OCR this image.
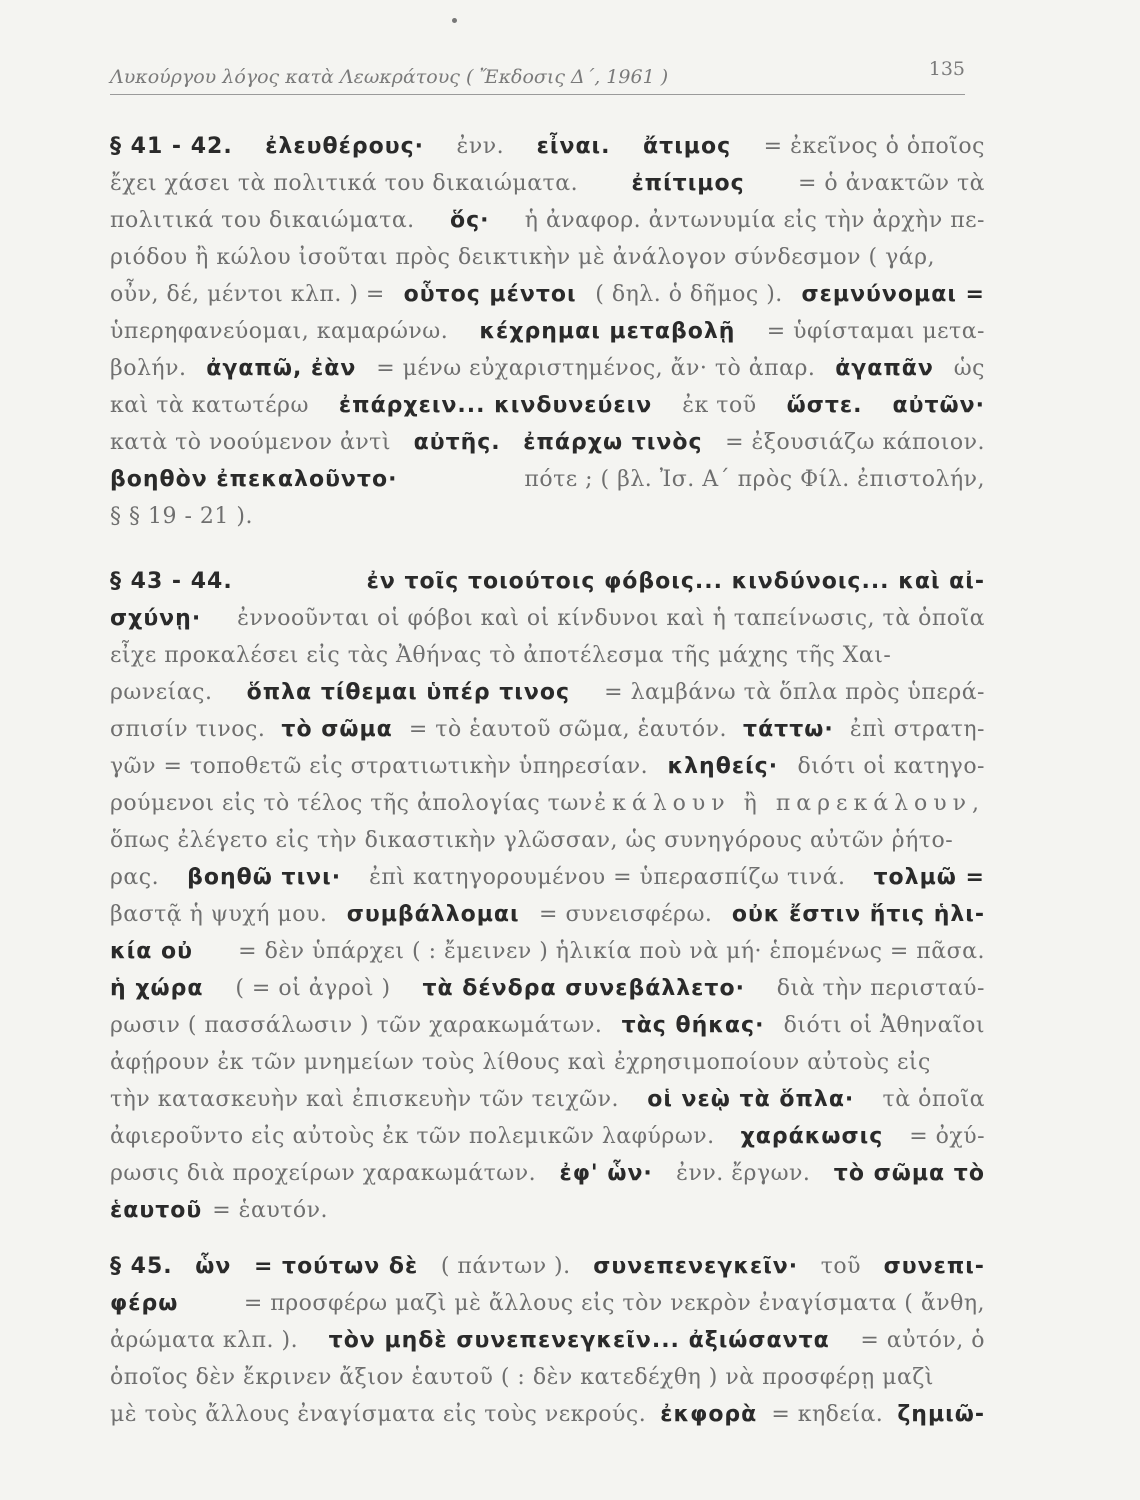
Λυκούργου λόγος κατὰ Λεωκράτους ( Ἔκδοσις Δ΄, 1961 )	135
§ 41 - 42. ἐλευθέρους· ἐνν. εἶναι. ἄτιμος = ἐκεῖνος ὁ ὁποῖος
ἔχει χάσει τὰ πολιτικά του δικαιώματα. ἐπίτιμος = ὁ ἀνακτῶν τὰ
πολιτικά του δικαιώματα. ὅς· ἡ ἀναφορ. ἀντωνυμία εἰς τὴν ἀρχὴν πε-
ριόδου ἢ κώλου ἰσοῦται πρὸς δεικτικὴν μὲ ἀνάλογον σύνδεσμον ( γάρ,
οὖν, δέ, μέντοι κλπ. ) = οὗτος μέντοι ( δηλ. ὁ δῆμος ). σεμνύνομαι =
ὑπερηφανεύομαι, καμαρώνω. κέχρημαι μεταβολῇ = ὑφίσταμαι μετα-
βολήν. ἀγαπῶ, ἐὰν = μένω εὐχαριστημένος, ἄν· τὸ ἀπαρ. ἀγαπᾶν ὡς
καὶ τὰ κατωτέρω ἐπάρχειν... κινδυνεύειν ἐκ τοῦ ὥστε. αὐτῶν·
κατὰ τὸ νοούμενον ἀντὶ αὐτῆς. ἐπάρχω τινὸς = ἐξουσιάζω κάποιον.
βοηθὸν ἐπεκαλοῦντο·	πότε ; ( βλ. Ἰσ. Α΄ πρὸς Φίλ. ἐπιστολήν,
§ § 19 - 21 ).
§ 43 - 44.	ἐν τοῖς τοιούτοις φόβοις... κινδύνοις... καὶ αἰ-
σχύνῃ· ἐννοοῦνται οἱ φόβοι καὶ οἱ κίνδυνοι καὶ ἡ ταπείνωσις, τὰ ὁποῖα
εἶχε προκαλέσει εἰς τὰς Ἀθήνας τὸ ἀποτέλεσμα τῆς μάχης τῆς Χαι-
ρωνείας. ὅπλα τίθεμαι ὑπέρ τινος = λαμβάνω τὰ ὅπλα πρὸς ὑπερά-
σπισίν τινος. τὸ σῶμα = τὸ ἑαυτοῦ σῶμα, ἑαυτόν. τάττω· ἐπὶ στρατη-
γῶν = τοποθετῶ εἰς στρατιωτικὴν ὑπηρεσίαν. κληθείς· διότι οἱ κατηγο-
ρούμενοι εἰς τὸ τέλος τῆς ἀπολογίας των ἐκάλουν ἢ παρεκάλουν,
ὅπως ἐλέγετο εἰς τὴν δικαστικὴν γλῶσσαν, ὡς συνηγόρους αὐτῶν ῥήτο-
ρας. βοηθῶ τινι· ἐπὶ κατηγορουμένου = ὑπερασπίζω τινά. τολμῶ =
βαστᾷ ἡ ψυχή μου. συμβάλλομαι = συνεισφέρω. οὐκ ἔστιν ἥτις ἡλι-
κία οὐ = δὲν ὑπάρχει ( : ἔμεινεν ) ἡλικία ποὺ νὰ μή· ἑπομένως = πᾶσα.
ἡ χώρα ( = οἱ ἀγροὶ ) τὰ δένδρα συνεβάλλετο· διὰ τὴν περισταύ-
ρωσιν ( πασσάλωσιν ) τῶν χαρακωμάτων. τὰς θήκας· διότι οἱ Ἀθηναῖοι
ἀφῄρουν ἐκ τῶν μνημείων τοὺς λίθους καὶ ἐχρησιμοποίουν αὐτοὺς εἰς
τὴν κατασκευὴν καὶ ἐπισκευὴν τῶν τειχῶν. οἱ νεῲ τὰ ὅπλα· τὰ ὁποῖα
ἀφιεροῦντο εἰς αὐτοὺς ἐκ τῶν πολεμικῶν λαφύρων. χαράκωσις = ὀχύ-
ρωσις διὰ προχείρων χαρακωμάτων. ἐφ' ὧν· ἐνν. ἔργων. τὸ σῶμα τὸ
ἑαυτοῦ = ἑαυτόν.
§ 45. ὧν = τούτων δὲ ( πάντων ). συνεπενεγκεῖν· τοῦ συνεπι-
φέρω	= προσφέρω μαζὶ μὲ ἄλλους εἰς τὸν νεκρὸν ἐναγίσματα ( ἄνθη,
ἀρώματα κλπ. ). τὸν μηδὲ συνεπενεγκεῖν... ἀξιώσαντα = αὐτόν, ὁ
ὁποῖος δὲν ἔκρινεν ἄξιον ἑαυτοῦ ( : δὲν κατεδέχθη ) νὰ προσφέρῃ μαζὶ
μὲ τοὺς ἄλλους ἐναγίσματα εἰς τοὺς νεκρούς. ἐκφορὰ = κηδεία. ζημιῶ-
